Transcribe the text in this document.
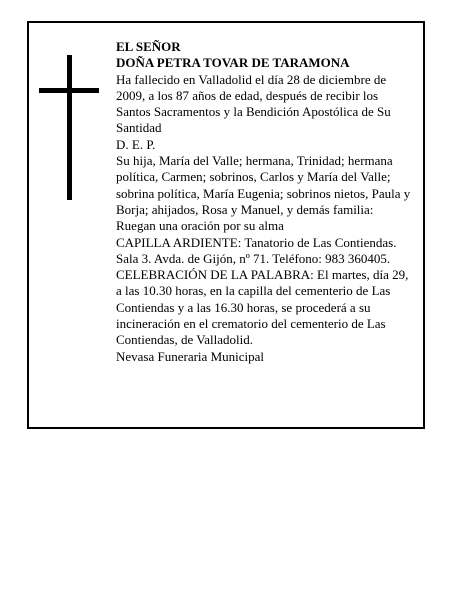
EL SEÑOR

DOÑA PETRA TOVAR DE TARAMONA

Ha fallecido en Valladolid el día 28 de diciembre de 2009, a los 87 años de edad, después de recibir los Santos Sacramentos y la Bendición Apostólica de Su Santidad

D. E. P.

Su hija, María del Valle; hermana, Trinidad; hermana política, Carmen; sobrinos, Carlos y María del Valle; sobrina política, María Eugenia; sobrinos nietos, Paula y Borja; ahijados, Rosa y Manuel, y demás familia:

Ruegan una oración por su alma

CAPILLA ARDIENTE: Tanatorio de Las Contiendas. Sala 3. Avda. de Gijón, nº 71. Teléfono: 983 360405.

CELEBRACIÓN DE LA PALABRA: El martes, día 29, a las 10.30 horas, en la capilla del cementerio de Las Contiendas y a las 16.30 horas, se procederá a su incineración en el crematorio del cementerio de Las Contiendas, de Valladolid.

Nevasa Funeraria Municipal
